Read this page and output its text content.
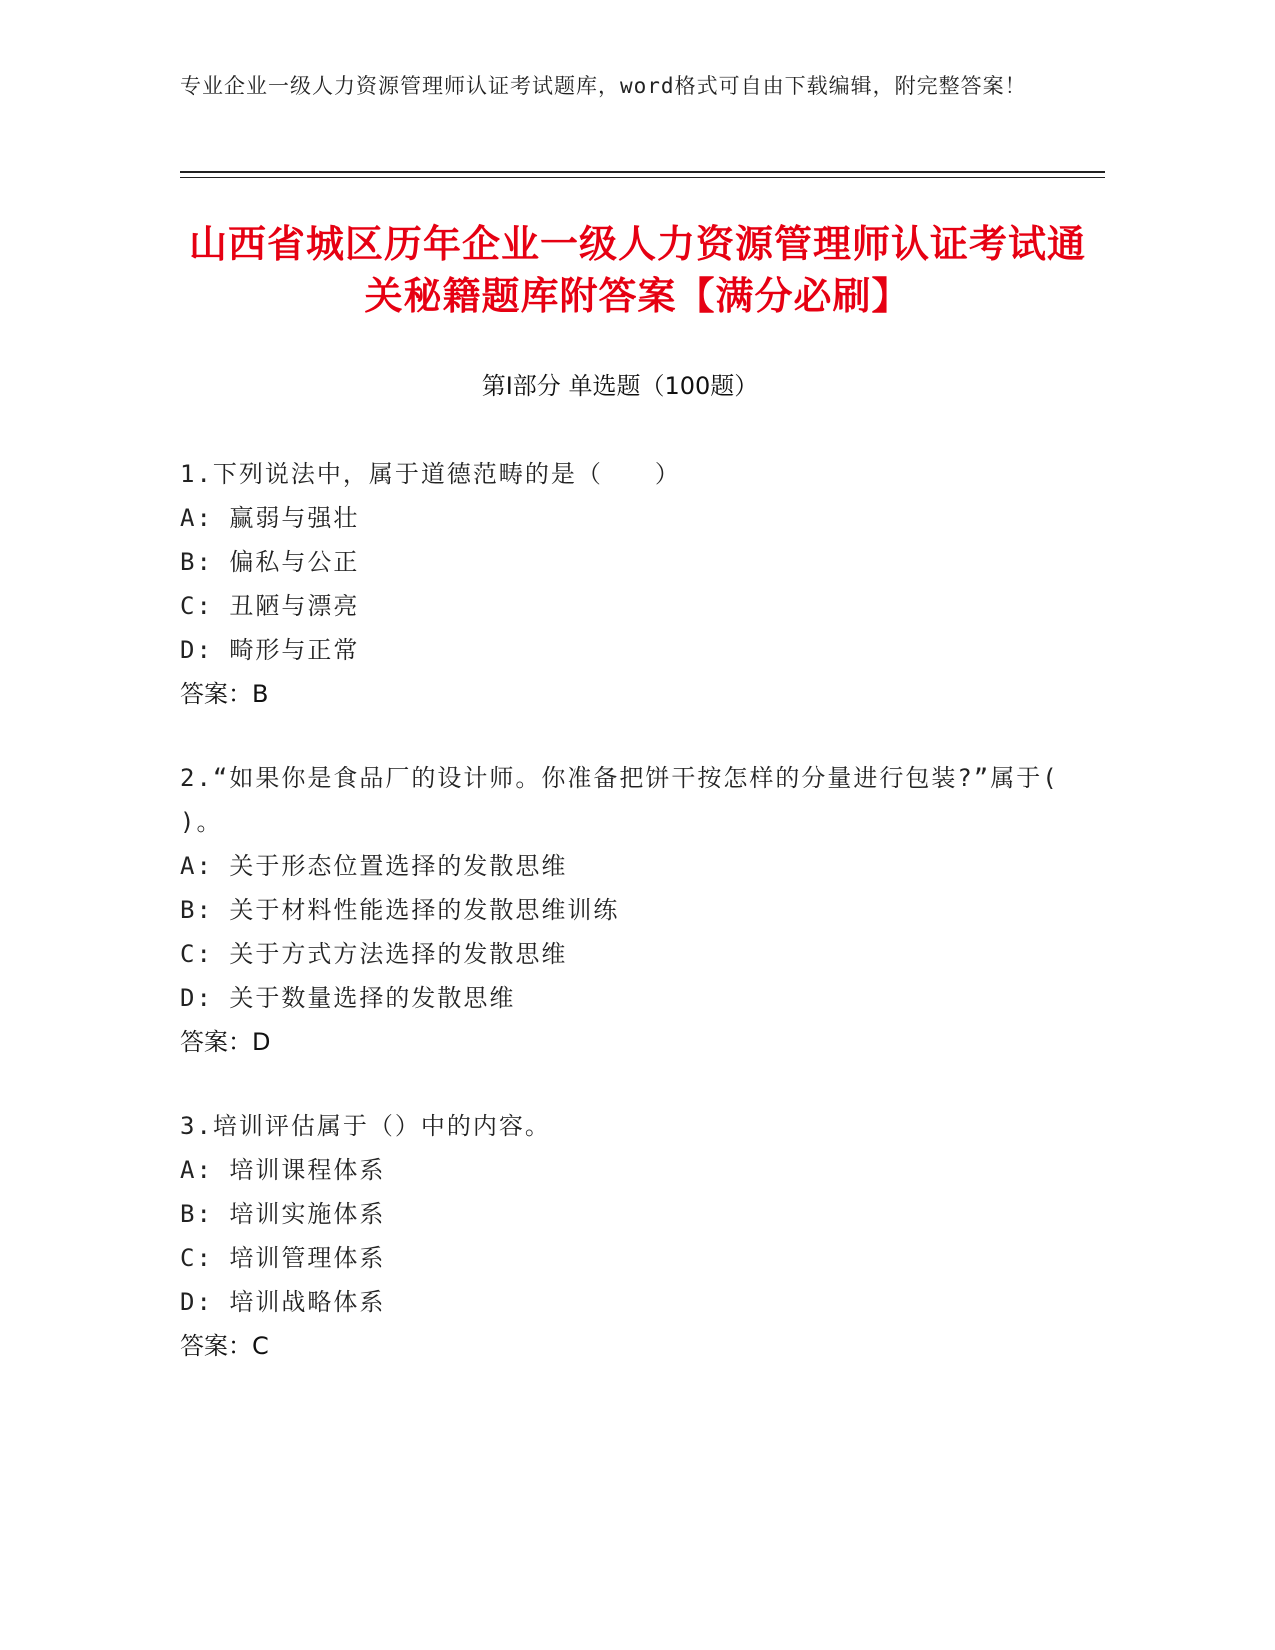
专业企业一级人力资源管理师认证考试题库，word格式可自由下载编辑，附完整答案！
山西省城区历年企业一级人力资源管理师认证考试通关秘籍题库附答案【满分必刷】
第I部分 单选题（100题）

1.下列说法中，属于道德范畴的是（　　）

A: 赢弱与强壮

B: 偏私与公正

C: 丑陋与漂亮

D: 畸形与正常

答案：B

2.“如果你是食品厂的设计师。你准备把饼干按怎样的分量进行包装?”属于( )。

A: 关于形态位置选择的发散思维

B: 关于材料性能选择的发散思维训练

C: 关于方式方法选择的发散思维

D: 关于数量选择的发散思维

答案：D

3.培训评估属于（）中的内容。

A: 培训课程体系

B: 培训实施体系

C: 培训管理体系

D: 培训战略体系

答案：C
